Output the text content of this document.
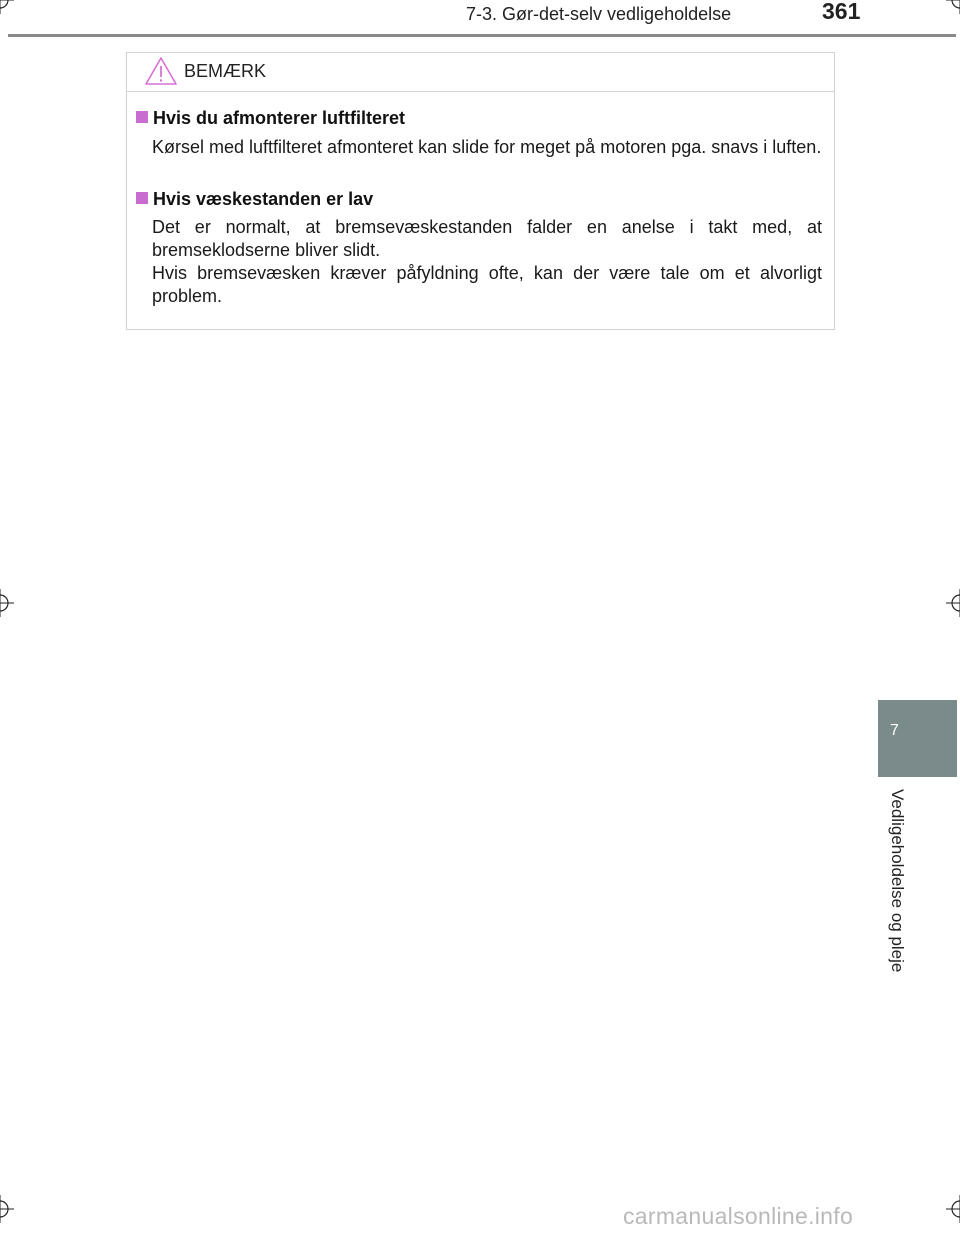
7-3. Gør-det-selv vedligeholdelse	361
BEMÆRK
Hvis du afmonterer luftfilteret

Kørsel med luftfilteret afmonteret kan slide for meget på motoren pga. snavs i luften.

Hvis væskestanden er lav

Det er normalt, at bremsevæskestanden falder en anelse i takt med, at bremseklodserne bliver slidt.

Hvis bremsevæsken kræver påfyldning ofte, kan der være tale om et alvorligt problem.

7
Vedligeholdelse og pleje
carmanualsonline.info
